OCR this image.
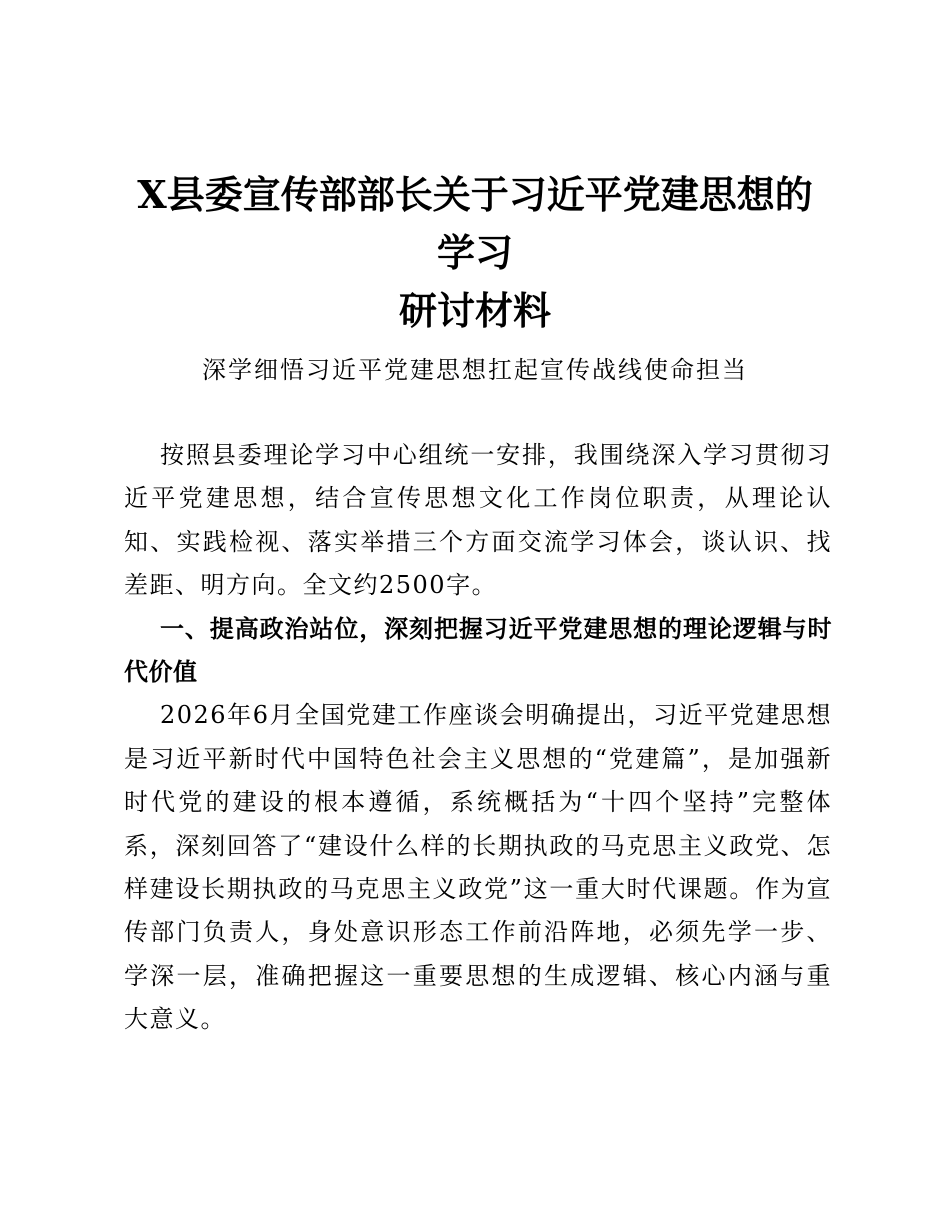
X县委宣传部部长关于习近平党建思想的学习
研讨材料

深学细悟习近平党建思想扛起宣传战线使命担当

按照县委理论学习中心组统一安排，我围绕深入学习贯彻习近平党建思想，结合宣传思想文化工作岗位职责，从理论认知、实践检视、落实举措三个方面交流学习体会，谈认识、找差距、明方向。全文约2500字。

一、提高政治站位，深刻把握习近平党建思想的理论逻辑与时代价值

2026年6月全国党建工作座谈会明确提出，习近平党建思想是习近平新时代中国特色社会主义思想的“党建篇”，是加强新时代党的建设的根本遵循，系统概括为“十四个坚持”完整体系，深刻回答了“建设什么样的长期执政的马克思主义政党、怎样建设长期执政的马克思主义政党”这一重大时代课题。作为宣传部门负责人，身处意识形态工作前沿阵地，必须先学一步、学深一层，准确把握这一重要思想的生成逻辑、核心内涵与重大意义。
